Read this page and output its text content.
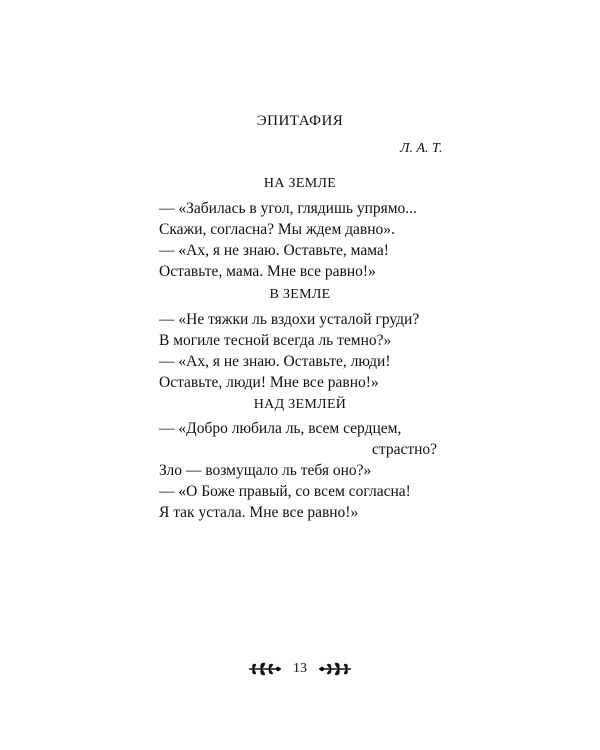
ЭПИТАФИЯ
Л. А. Т.
НА ЗЕМЛЕ
— «Забилась в угол, глядишь упрямо...
Скажи, согласна? Мы ждем давно».
— «Ах, я не знаю. Оставьте, мама!
Оставьте, мама. Мне все равно!»
В ЗЕМЛЕ
— «Не тяжки ль вздохи усталой груди?
В могиле тесной всегда ль темно?»
— «Ах, я не знаю. Оставьте, люди!
Оставьте, люди! Мне все равно!»
НАД ЗЕМЛЕЙ
— «Добро любила ль, всем сердцем,
страстно?
Зло — возмущало ль тебя оно?»
— «О Боже правый, со всем согласна!
Я так устала. Мне все равно!»
13
